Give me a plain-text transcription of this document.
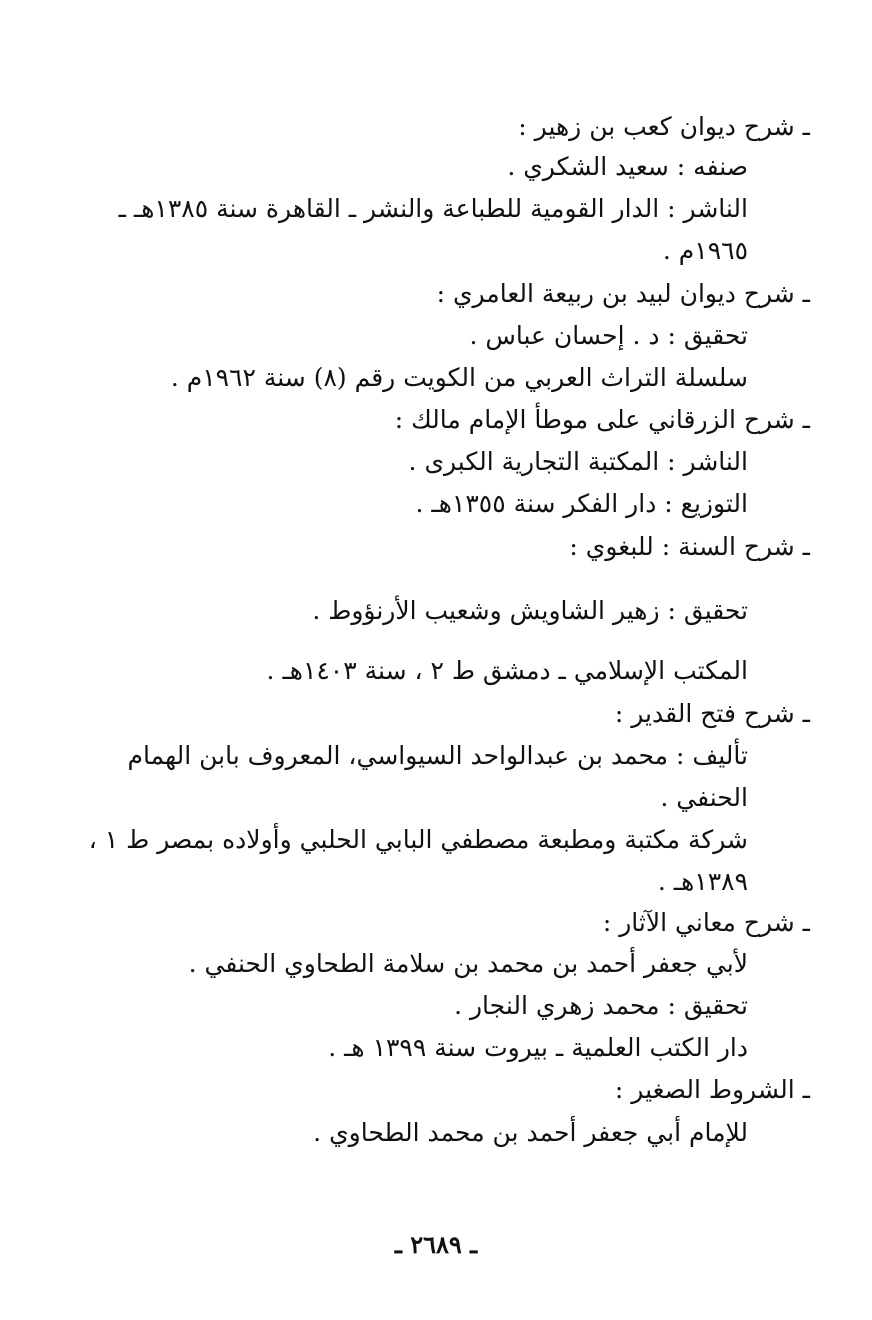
ـ شرح ديوان كعب بن زهير :
صنفه : سعيد الشكري .
الناشر : الدار القومية للطباعة والنشر ـ القاهرة سنة ١٣٨٥هـ ـ
١٩٦٥م .
ـ شرح ديوان لبيد بن ربيعة العامري :
تحقيق : د . إحسان عباس .
سلسلة التراث العربي من الكويت رقم (٨) سنة ١٩٦٢م .
ـ شرح الزرقاني على موطأ الإمام مالك :
الناشر : المكتبة التجارية الكبرى .
التوزيع : دار الفكر سنة ١٣٥٥هـ .
ـ شرح السنة : للبغوي :
تحقيق : زهير الشاويش وشعيب الأرنؤوط .
المكتب الإسلامي ـ دمشق ط ٢ ، سنة ١٤٠٣هـ .
ـ شرح فتح القدير :
تأليف : محمد بن عبدالواحد السيواسي، المعروف بابن الهمام
الحنفي .
شركة مكتبة ومطبعة مصطفي البابي الحلبي وأولاده بمصر ط ١ ،
١٣٨٩هـ .
ـ شرح معاني الآثار :
لأبي جعفر أحمد بن محمد بن سلامة الطحاوي الحنفي .
تحقيق : محمد زهري النجار .
دار الكتب العلمية ـ بيروت سنة ١٣٩٩ هـ .
ـ الشروط الصغير :
للإمام أبي جعفر أحمد بن محمد الطحاوي .
ـ ٢٦٨٩ ـ
